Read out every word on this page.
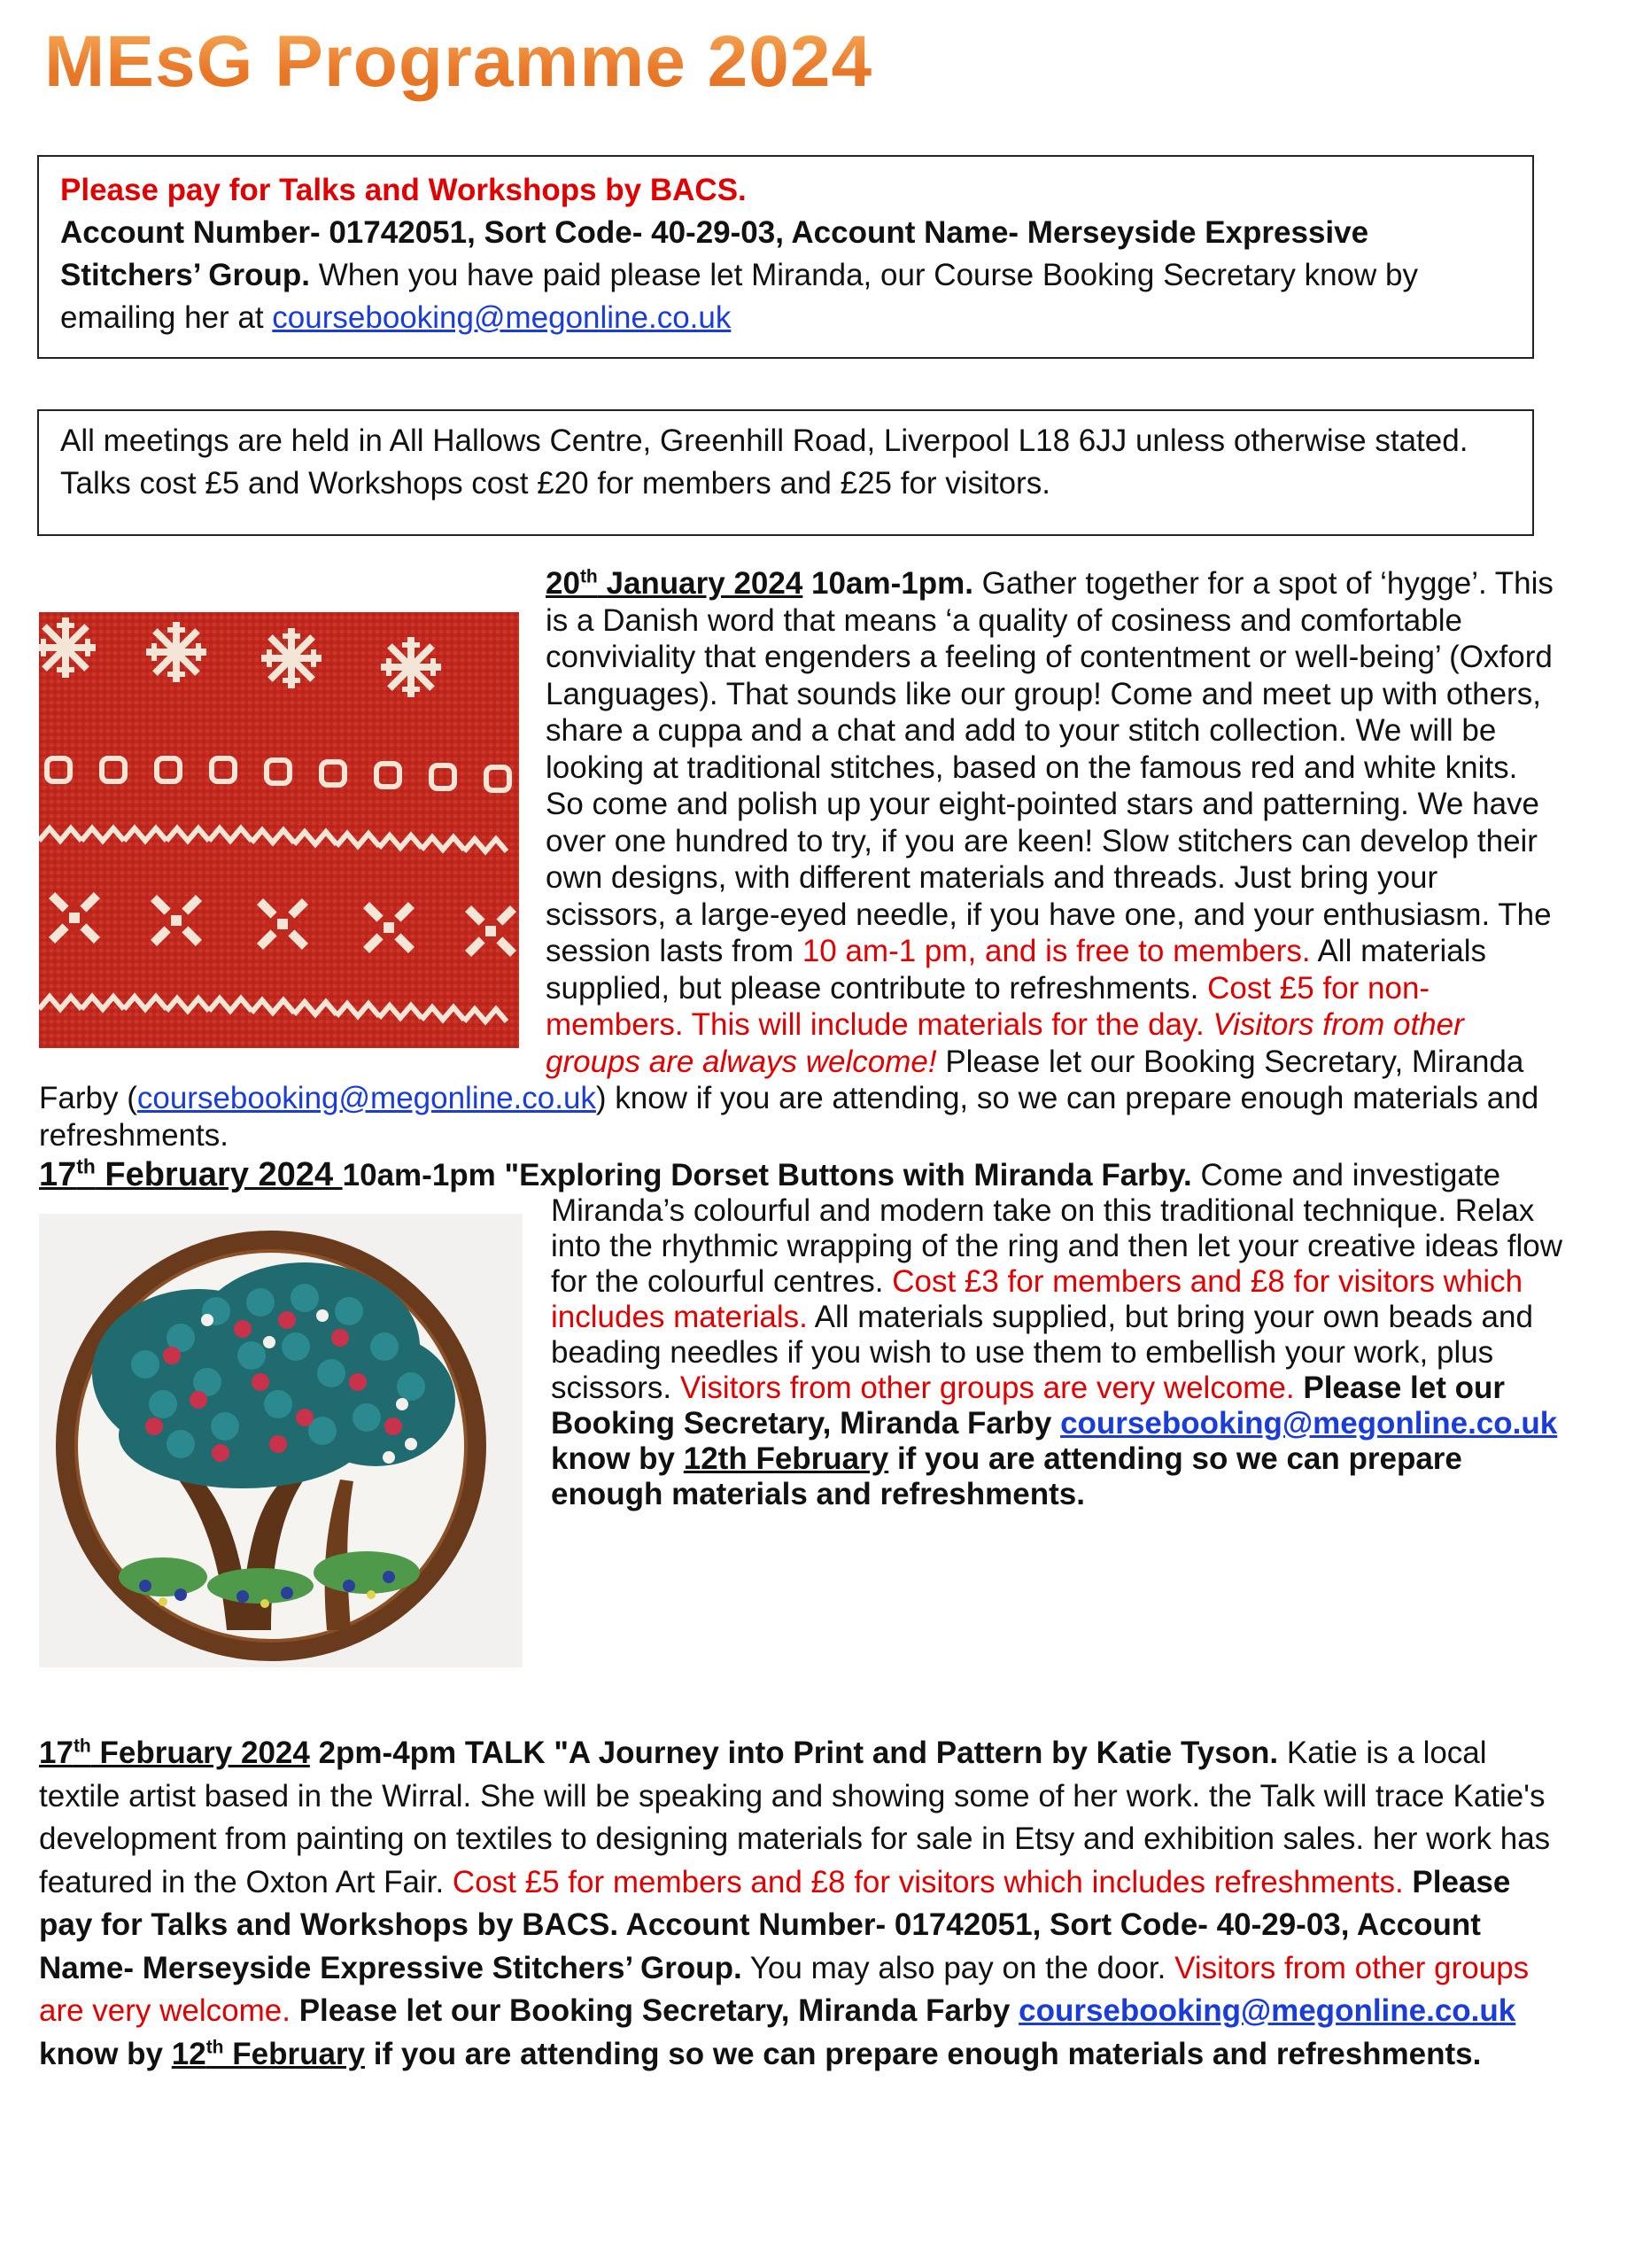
MEsG Programme 2024
Please pay for Talks and Workshops by BACS.
Account Number- 01742051, Sort Code- 40-29-03, Account Name- Merseyside Expressive Stitchers’ Group. When you have paid please let Miranda, our Course Booking Secretary know by emailing her at coursebooking@megonline.co.uk
All meetings are held in All Hallows Centre, Greenhill Road, Liverpool L18 6JJ unless otherwise stated. Talks cost £5 and Workshops cost £20 for members and £25 for visitors.

20th January 2024 10am-1pm. Gather together for a spot of ‘hygge’. This is a Danish word that means ‘a quality of cosiness and comfortable conviviality that engenders a feeling of contentment or well-being’ (Oxford Languages). That sounds like our group! Come and meet up with others, share a cuppa and a chat and add to your stitch collection. We will be looking at traditional stitches, based on the famous red and white knits. So come and polish up your eight-pointed stars and patterning. We have over one hundred to try, if you are keen! Slow stitchers can develop their own designs, with different materials and threads. Just bring your scissors, a large-eyed needle, if you have one, and your enthusiasm. The session lasts from 10 am-1 pm, and is free to members. All materials supplied, but please contribute to refreshments. Cost £5 for non-members. This will include materials for the day. Visitors from other groups are always welcome! Please let our Booking Secretary, Miranda Farby (coursebooking@megonline.co.uk) know if you are attending, so we can prepare enough materials and refreshments.

17th February 2024 10am-1pm "Exploring Dorset Buttons with Miranda Farby. Come and investigate Miranda’s colourful and modern take on this traditional technique. Relax into the rhythmic wrapping of the ring and then let your creative ideas flow for the colourful centres. Cost £3 for members and £8 for visitors which includes materials. All materials supplied, but bring your own beads and beading needles if you wish to use them to embellish your work, plus scissors. Visitors from other groups are very welcome. Please let our Booking Secretary, Miranda Farby coursebooking@megonline.co.uk know by 12th February if you are attending so we can prepare enough materials and refreshments.

17th February 2024 2pm-4pm TALK "A Journey into Print and Pattern by Katie Tyson. Katie is a local textile artist based in the Wirral. She will be speaking and showing some of her work. the Talk will trace Katie's development from painting on textiles to designing materials for sale in Etsy and exhibition sales. her work has featured in the Oxton Art Fair. Cost £5 for members and £8 for visitors which includes refreshments. Please pay for Talks and Workshops by BACS. Account Number- 01742051, Sort Code- 40-29-03, Account Name- Merseyside Expressive Stitchers’ Group. You may also pay on the door. Visitors from other groups are very welcome. Please let our Booking Secretary, Miranda Farby coursebooking@megonline.co.uk know by 12th February if you are attending so we can prepare enough materials and refreshments.
